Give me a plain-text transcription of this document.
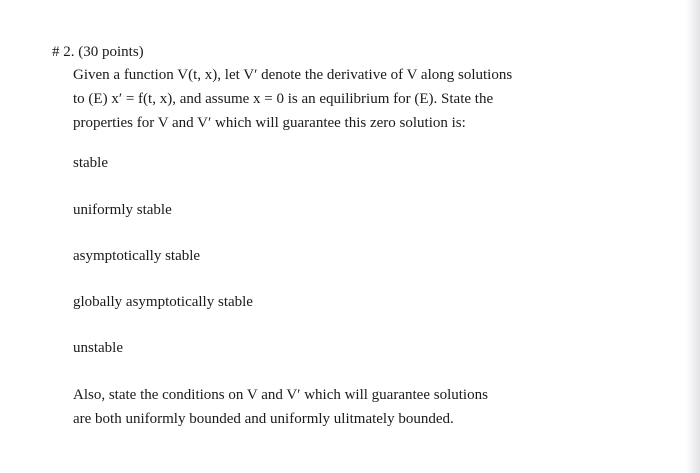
# 2. (30 points)
Given a function V(t, x), let V′ denote the derivative of V along solutions
to (E) x′ = f(t, x), and assume x = 0 is an equilibrium for (E). State the
properties for V and V′ which will guarantee this zero solution is:
stable
uniformly stable
asymptotically stable
globally asymptotically stable
unstable
Also, state the conditions on V and V′ which will guarantee solutions
are both uniformly bounded and uniformly ulitmately bounded.
